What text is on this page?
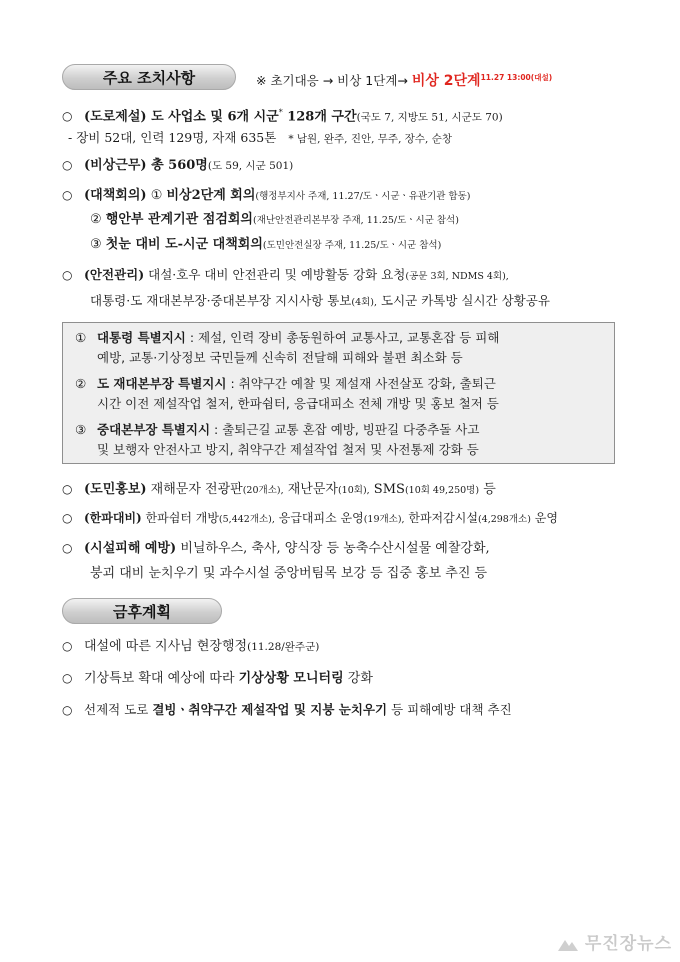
주요 조치사항	※ 초기대응 → 비상 1단계→ 비상 2단계$^{11.27 13:00(대설)}$
○ (도로제설) 도 사업소 및 6개 시군* 128개 구간(국도 7, 지방도 51, 시군도 70)
- 장비 52대, 인력 129명, 자재 635톤 * 남원, 완주, 진안, 무주, 장수, 순창
○ (비상근무) 총 560명(도 59, 시군 501)
○ (대책회의) ① 비상2단계 회의(행정부지사 주재, 11.27/도ㆍ시군ㆍ유관기관 합동)
② 행안부 관계기관 점검회의(재난안전관리본부장 주재, 11.25/도ㆍ시군 참석)
③ 첫눈 대비 도-시군 대책회의(도민안전실장 주재, 11.25/도ㆍ시군 참석)
○ (안전관리) 대설·호우 대비 안전관리 및 예방활동 강화 요청(공문 3회, NDMS 4회),
대통령·도 재대본부장·중대본부장 지시사항 통보(4회), 도시군 카톡방 실시간 상황공유
① 대통령 특별지시 : 제설, 인력 장비 총동원하여 교통사고, 교통혼잡 등 피해
예방, 교통·기상정보 국민들께 신속히 전달해 피해와 불편 최소화 등
② 도 재대본부장 특별지시 : 취약구간 예찰 및 제설재 사전살포 강화, 출퇴근
시간 이전 제설작업 철저, 한파쉼터, 응급대피소 전체 개방 및 홍보 철저 등
③ 중대본부장 특별지시 : 출퇴근길 교통 혼잡 예방, 빙판길 다중추돌 사고
및 보행자 안전사고 방지, 취약구간 제설작업 철저 및 사전통제 강화 등
○ (도민홍보) 재해문자 전광판(20개소), 재난문자(10회), SMS(10회 49,250명) 등
○ (한파대비) 한파쉼터 개방(5,442개소), 응급대피소 운영(19개소), 한파저감시설(4,298개소) 운영
○ (시설피해 예방) 비닐하우스, 축사, 양식장 등 농축수산시설물 예찰강화,
붕괴 대비 눈치우기 및 과수시설 중앙버팀목 보강 등 집중 홍보 추진 등
금후계획
○ 대설에 따른 지사님 현장행정(11.28/완주군)
○ 기상특보 확대 예상에 따라 기상상황 모니터링 강화
○ 선제적 도로 결빙ㆍ취약구간 제설작업 및 지붕 눈치우기 등 피해예방 대책 추진
무진장뉴스
